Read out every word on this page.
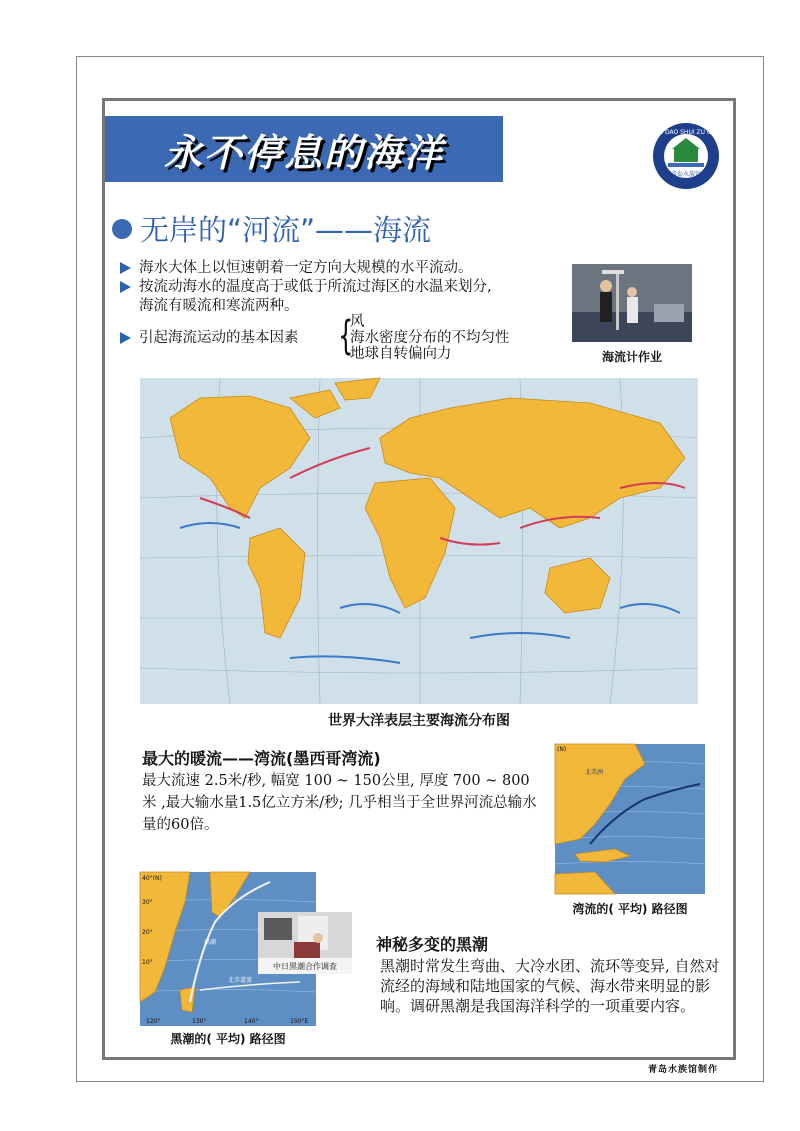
永不停息的海洋	QING DAO SHUI ZU GUAN
青岛水族馆
无岸的“河流”——海流
海水大体上以恒速朝着一定方向大规模的水平流动。
按流动海水的温度高于或低于所流过海区的水温来划分,
海流有暖流和寒流两种。
引起海流运动的基本因素 {
风
海水密度分布的不均匀性
地球自转偏向力	海流计作业
世界大洋表层主要海流分布图
最大的暖流——湾流(墨西哥湾流)
最大流速 2.5米/秒, 幅宽 100 ~ 150公里, 厚度 700 ~ 800米 ,最大输水量1.5亿立方米/秒; 几乎相当于全世界河流总输水量的60倍。
北美洲
(N)
湾流的( 平均) 路径图
40°(N)
30°
20°
10°
120°	130°	140°	150°E
黑潮
北赤道流
中日黑潮合作调查
黑潮的( 平均) 路径图
神秘多变的黑潮
黑潮时常发生弯曲、大冷水团、流环等变异, 自然对流经的海域和陆地国家的气候、海水带来明显的影响。调研黑潮是我国海洋科学的一项重要内容。
青岛水族馆制作
